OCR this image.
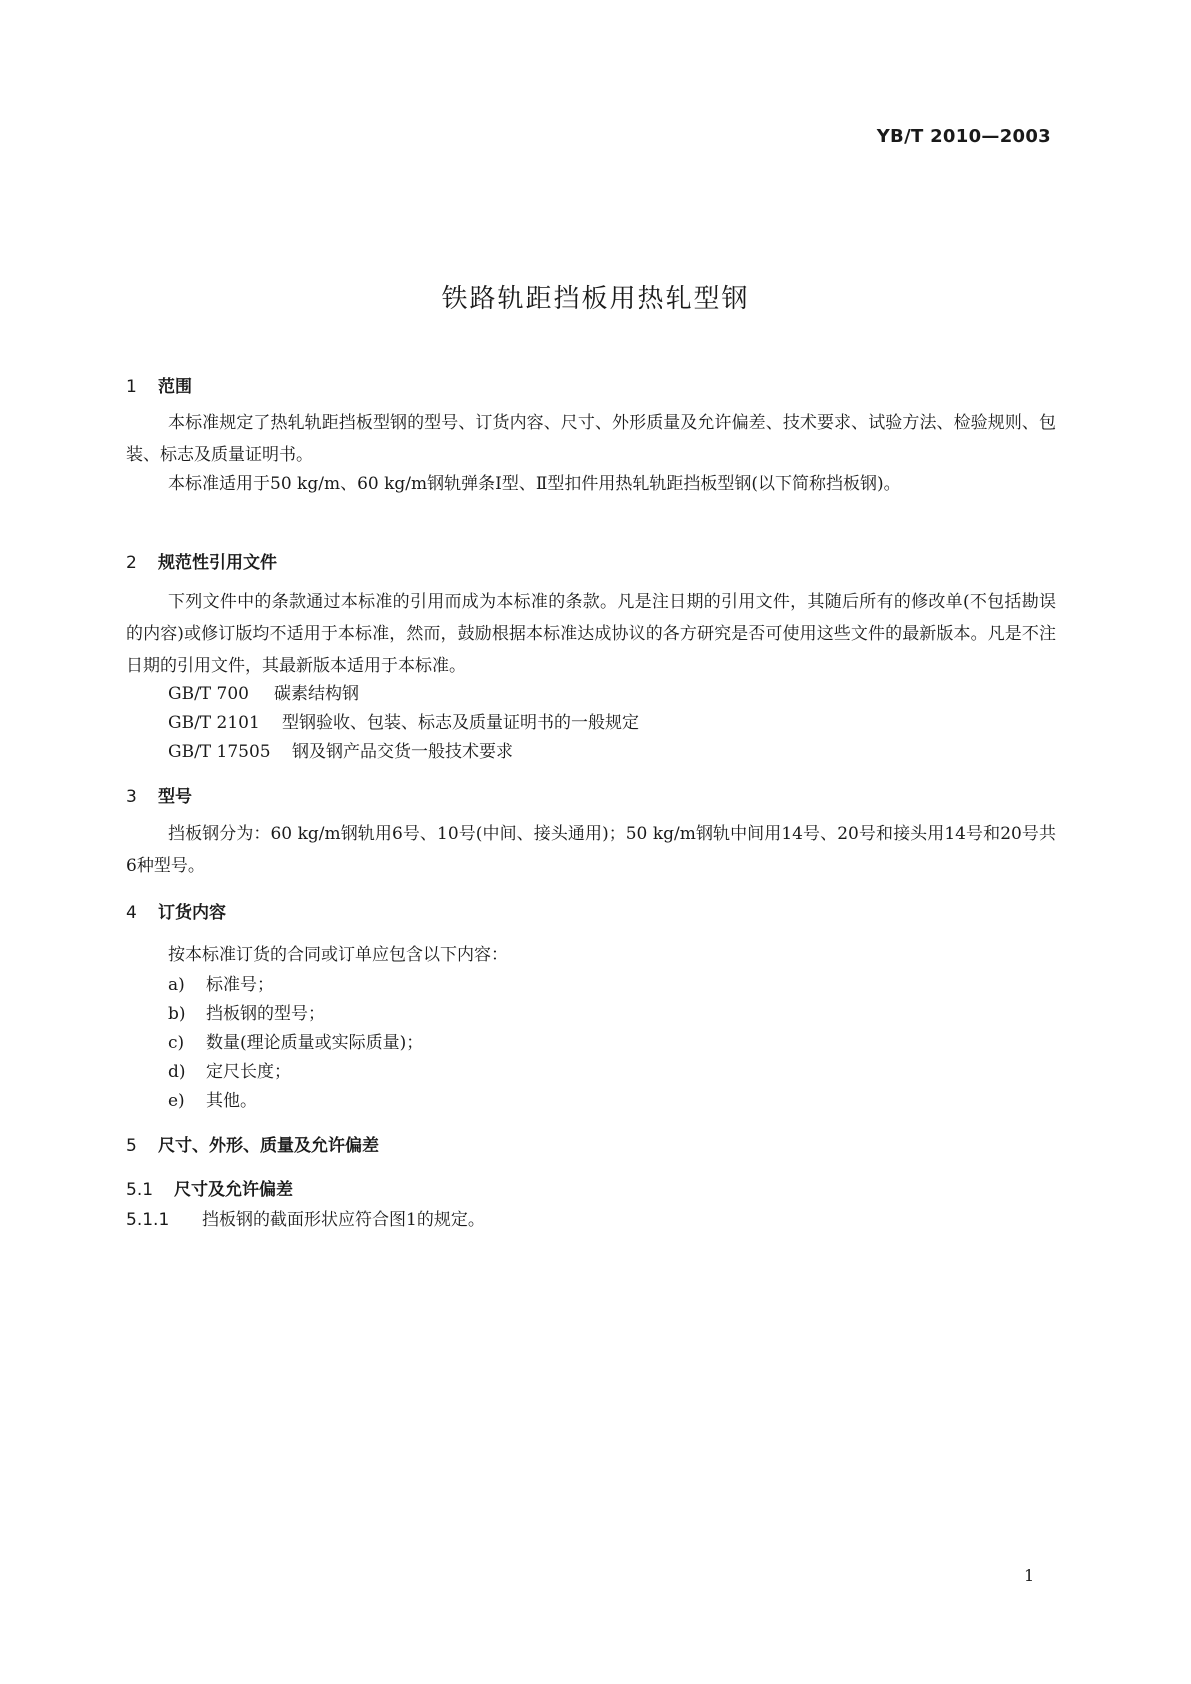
YB/T 2010—2003
铁路轨距挡板用热轧型钢
1 范围
本标准规定了热轧轨距挡板型钢的型号、订货内容、尺寸、外形质量及允许偏差、技术要求、试验方法、检验规则、包装、标志及质量证明书。
本标准适用于50 kg/m、60 kg/m钢轨弹条Ⅰ型、Ⅱ型扣件用热轧轨距挡板型钢(以下简称挡板钢)。
2 规范性引用文件
下列文件中的条款通过本标准的引用而成为本标准的条款。凡是注日期的引用文件，其随后所有的修改单(不包括勘误的内容)或修订版均不适用于本标准，然而，鼓励根据本标准达成协议的各方研究是否可使用这些文件的最新版本。凡是不注日期的引用文件，其最新版本适用于本标准。
GB/T 700 碳素结构钢
GB/T 2101 型钢验收、包装、标志及质量证明书的一般规定
GB/T 17505 钢及钢产品交货一般技术要求
3 型号
挡板钢分为：60 kg/m钢轨用6号、10号(中间、接头通用)；50 kg/m钢轨中间用14号、20号和接头用14号和20号共6种型号。
4 订货内容
按本标准订货的合同或订单应包含以下内容：
a) 标准号；
b) 挡板钢的型号；
c) 数量(理论质量或实际质量)；
d) 定尺长度；
e) 其他。
5 尺寸、外形、质量及允许偏差
5.1 尺寸及允许偏差
5.1.1 挡板钢的截面形状应符合图1的规定。
1
